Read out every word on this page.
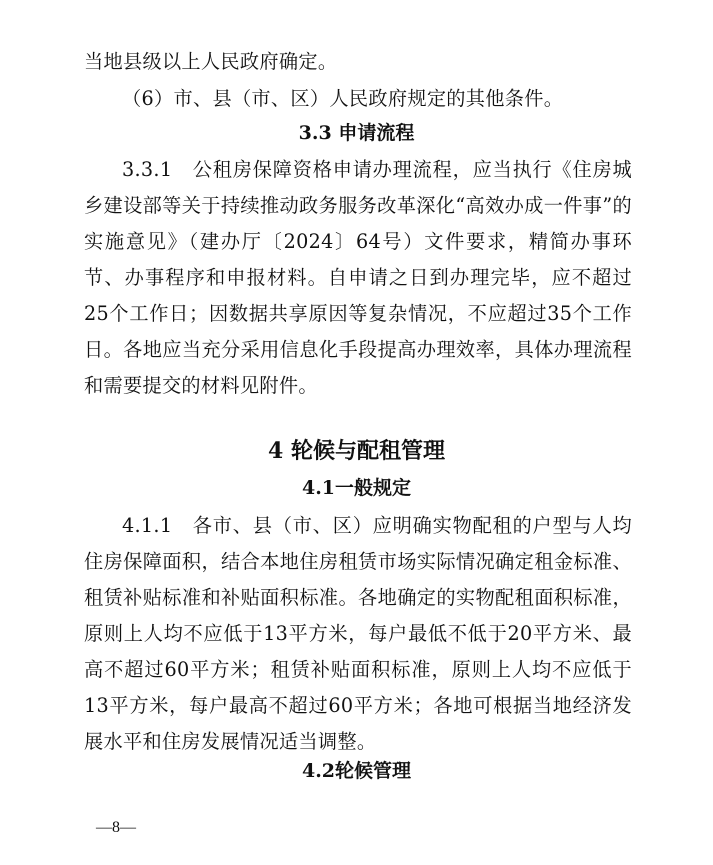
当地县级以上人民政府确定。

（6）市、县（市、区）人民政府规定的其他条件。

3.3 申请流程

3.3.1　公租房保障资格申请办理流程，应当执行《住房城乡建设部等关于持续推动政务服务改革深化“高效办成一件事”的实施意见》（建办厅〔2024〕64号）文件要求，精简办事环节、办事程序和申报材料。自申请之日到办理完毕，应不超过25个工作日；因数据共享原因等复杂情况，不应超过35个工作日。各地应当充分采用信息化手段提高办理效率，具体办理流程和需要提交的材料见附件。

4 轮候与配租管理
4.1一般规定

4.1.1　各市、县（市、区）应明确实物配租的户型与人均住房保障面积，结合本地住房租赁市场实际情况确定租金标准、租赁补贴标准和补贴面积标准。各地确定的实物配租面积标准，原则上人均不应低于13平方米，每户最低不低于20平方米、最高不超过60平方米；租赁补贴面积标准，原则上人均不应低于13平方米，每户最高不超过60平方米；各地可根据当地经济发展水平和住房发展情况适当调整。

4.2轮候管理
—8—
